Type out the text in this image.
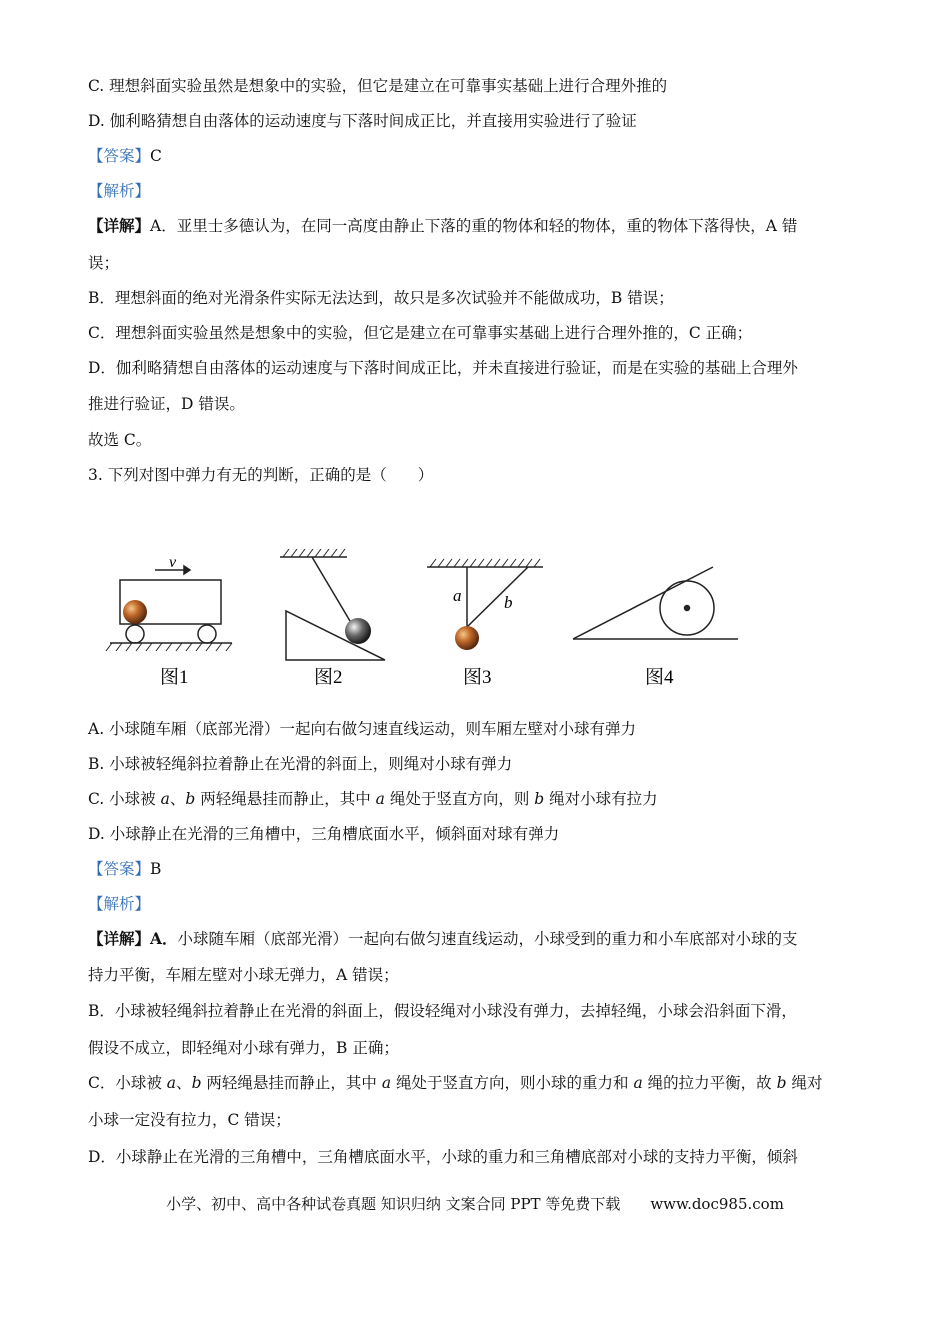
C. 理想斜面实验虽然是想象中的实验，但它是建立在可靠事实基础上进行合理外推的
D. 伽利略猜想自由落体的运动速度与下落时间成正比，并直接用实验进行了验证
【答案】C
【解析】
【详解】A．亚里士多德认为，在同一高度由静止下落的重的物体和轻的物体，重的物体下落得快，A 错
误；
B．理想斜面的绝对光滑条件实际无法达到，故只是多次试验并不能做成功，B 错误；
C．理想斜面实验虽然是想象中的实验，但它是建立在可靠事实基础上进行合理外推的，C 正确；
D．伽利略猜想自由落体的运动速度与下落时间成正比，并未直接进行验证，而是在实验的基础上合理外
推进行验证，D 错误。
故选 C。
3. 下列对图中弹力有无的判断，正确的是（　　）
v
a	b
图1	图2	图3	图4
A. 小球随车厢（底部光滑）一起向右做匀速直线运动，则车厢左壁对小球有弹力
B. 小球被轻绳斜拉着静止在光滑的斜面上，则绳对小球有弹力
C. 小球被 a、b 两轻绳悬挂而静止，其中 a 绳处于竖直方向，则 b 绳对小球有拉力
D. 小球静止在光滑的三角槽中，三角槽底面水平，倾斜面对球有弹力
【答案】B
【解析】
【详解】A．小球随车厢（底部光滑）一起向右做匀速直线运动，小球受到的重力和小车底部对小球的支
持力平衡，车厢左壁对小球无弹力，A 错误；
B．小球被轻绳斜拉着静止在光滑的斜面上，假设轻绳对小球没有弹力，去掉轻绳，小球会沿斜面下滑，
假设不成立，即轻绳对小球有弹力，B 正确；
C．小球被 a、b 两轻绳悬挂而静止，其中 a 绳处于竖直方向，则小球的重力和 a 绳的拉力平衡，故 b 绳对
小球一定没有拉力，C 错误；
D．小球静止在光滑的三角槽中，三角槽底面水平，小球的重力和三角槽底部对小球的支持力平衡，倾斜
小学、初中、高中各种试卷真题 知识归纳 文案合同 PPT 等免费下载　　www.doc985.com
